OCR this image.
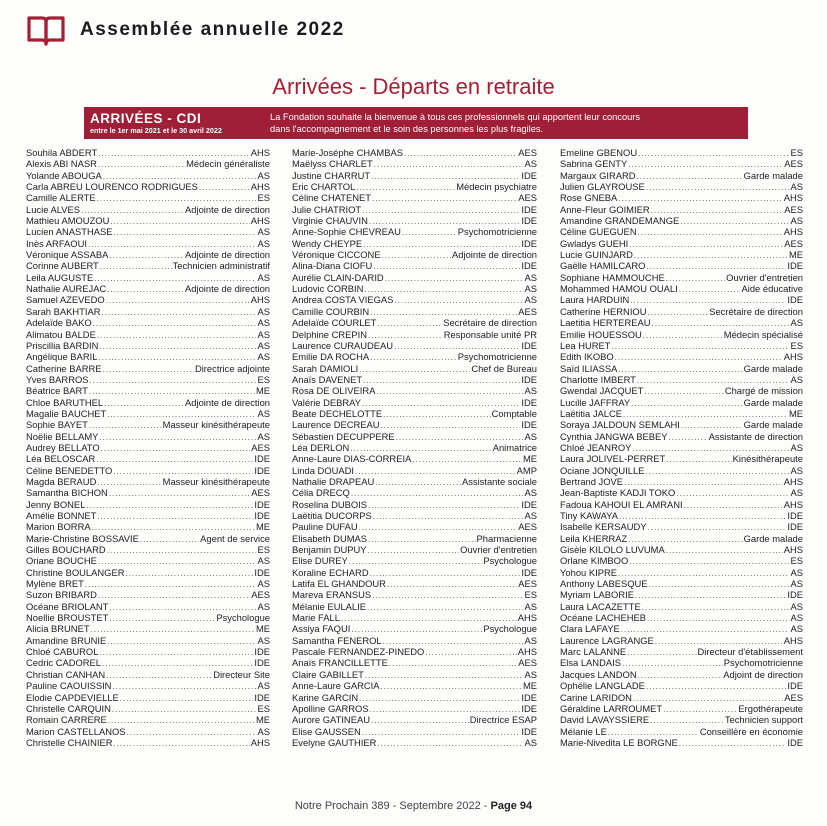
Assemblée annuelle 2022
Arrivées - Départs en retraite
ARRIVÉES - CDI
entre le 1er mai 2021 et le 30 avril 2022
La Fondation souhaite la bienvenue à tous ces professionnels qui apportent leur concours
dans l'accompagnement et le soin des personnes les plus fragiles.
Souhila ABDERT .....	AHS
Alexis ABI NASR .....	Médecin généraliste
Yolande ABOUGA .....	AS
Carla ABREU LOURENCO RODRIGUES .....	AHS
Camille ALERTE .....	ES
Lucie ALVES .....	Adjointe de direction
Mathieu AMOUZOU .....	AHS
Lucien ANASTHASE .....	AS
Inès ARFAOUI .....	AS
Véronique ASSABA .....	Adjointe de direction
Corinne AUBERT .....	Technicien administratif
Leila AUGUSTE .....	AS
Nathalie AUREJAC .....	Adjointe de direction
Samuel AZEVEDO .....	AHS
Sarah BAKHTIAR .....	AS
Adelaïde BAKO .....	AS
Alimatou BALDE .....	AS
Priscillia BARDIN .....	AS
Angélique BARIL .....	AS
Catherine BARRE .....	Directrice adjointe
Yves BARROS .....	ES
Béatrice BART .....	ME
Chloe BARUTHEL .....	Adjointe de direction
Magalie BAUCHET .....	AS
Sophie BAYET .....	Masseur kinésithérapeute
Noëlie BELLAMY .....	AS
Audrey BELLATO .....	AES
Léa BELOSCAR .....	IDE
Céline BENEDETTO .....	IDE
Magda BERAUD .....	Masseur kinésithérapeute
Samantha BICHON .....	AES
Jenny BONEL .....	IDE
Amélie BONNET .....	IDE
Marion BORRA .....	ME
Marie-Christine BOSSAVIE .....	Agent de service
Gilles BOUCHARD .....	ES
Oriane BOUCHE .....	AS
Christine BOULANGER .....	IDE
Mylène BRET .....	AS
Suzon BRIBARD .....	AES
Océane BRIOLANT .....	AS
Noellie BROUSTET .....	Psychologue
Alicia BRUNET .....	ME
Amandine BRUNIE .....	AS
Chloé CABUROL .....	IDE
Cedric CADOREL .....	IDE
Christian CANHAN .....	Directeur Site
Pauline CAOUISSIN .....	AS
Elodie CAPDEVIELLE .....	IDE
Christelle CARQUIN .....	ES
Romain CARRERE .....	ME
Marion CASTELLANOS .....	AS
Christelle CHAINIER .....	AHS
Marie-Joséphe CHAMBAS .....	AES
Maëlyss CHARLET .....	AS
Justine CHARRUT .....	IDE
Eric CHARTOL .....	Médecin psychiatre
Céline CHATENET .....	AES
Julie CHATRIOT .....	IDE
Virginie CHAUVIN .....	IDE
Anne-Sophie CHEVREAU .....	Psychomotricienne
Wendy CHEYPE .....	IDE
Véronique CICCONE .....	Adjointe de direction
Alina-Diana CIOFU .....	IDE
Aurélie CLAIN-DARID .....	AS
Ludovic CORBIN .....	AS
Andrea COSTA VIEGAS .....	AS
Camille COURBIN .....	AES
Adelaïde COURLET .....	Secrétaire de direction
Delphine CREPIN .....	Responsable unité PR
Laurence CURAUDEAU .....	IDE
Emilie DA ROCHA .....	Psychomotricienne
Sarah DAMIOLI .....	Chef de Bureau
Anaïs DAVENET .....	IDE
Rosa DE OLIVEIRA .....	AS
Valérie DEBRAY .....	IDE
Beate DECHELOTTE .....	Comptable
Laurence DECREAU .....	IDE
Sébastien DECUPPERE .....	AS
Léa DERLON .....	Animatrice
Anne-Laure DIAS-CORREIA .....	ME
Linda DOUADI .....	AMP
Nathalie DRAPEAU .....	Assistante sociale
Célia DRECQ .....	AS
Roselina DUBOIS .....	IDE
Laëtitia DUCORPS .....	AS
Pauline DUFAU .....	AES
Elisabeth DUMAS .....	Pharmacienne
Benjamin DUPUY .....	Ouvrier d'entretien
Elise DUREY .....	Psychologue
Koraline ECHARD .....	IDE
Latifa EL GHANDOUR .....	AES
Mareva ERANSUS .....	ES
Mélanie EULALIE .....	AS
Marie FALL .....	AHS
Assiya FAQUI .....	Psychologue
Samantha FENEROL .....	AS
Pascale FERNANDEZ-PINEDO .....	AHS
Anaïs FRANCILLETTE .....	AES
Claire GABILLET .....	AS
Anne-Laure GARCIA .....	ME
Karine GARCIN .....	IDE
Apolline GARROS .....	IDE
Aurore GATINEAU .....	Directrice ESAP
Elise GAUSSEN .....	IDE
Evelyne GAUTHIER .....	AS
Emeline GBENOU .....	ES
Sabrina GENTY .....	AES
Margaux GIRARD .....	Garde malade
Julien GLAYROUSE .....	AS
Rose GNEBA .....	AHS
Anne-Fleur GOIMIER .....	AES
Amandine GRANDEMANGE .....	AS
Céline GUEGUEN .....	AHS
Gwladys GUEHI .....	AES
Lucie GUINJARD .....	ME
Gaëlle HAMILCARO .....	IDE
Sophiane HAMMOUCHE .....	Ouvrier d'entretien
Mohammed HAMOU OUALI .....	Aide éducative
Laura HARDUIN .....	IDE
Catherine HERNIOU .....	Secrétaire de direction
Laetitia HERTEREAU .....	AS
Emilie HOUESSOU .....	Médecin spécialisé
Lea HURET .....	ES
Edith IKOBO .....	AHS
Saïd ILIASSA .....	Garde malade
Charlotte IMBERT .....	AS
Gwendal JACQUET .....	Chargé de mission
Lucille JAFFRAY .....	Garde malade
Laëtitia JALCE .....	ME
Soraya JALDOUN SEMLAHI .....	Garde malade
Cynthia JANGWA BEBEY .....	Assistante de direction
Chloé JEANROY .....	AS
Laura JOLIVEL-PERRET .....	Kinésithérapeute
Ociane JONQUILLE .....	AS
Bertrand JOVE .....	AHS
Jean-Baptiste KADJI TOKO .....	AS
Fadoua KAHOUI EL AMRANI .....	AHS
Tiny KAWAYA .....	IDE
Isabelle KERSAUDY .....	IDE
Leila KHERRAZ .....	Garde malade
Gisèle KILOLO LUVUMA .....	AHS
Orlane KIMBOO .....	ES
Yohou KIPRE .....	AS
Anthony LABESQUE .....	AS
Myriam LABORIE .....	IDE
Laura LACAZETTE .....	AS
Océane LACHEHEB .....	AS
Clara LAFAYE .....	AS
Laurence LAGRANGE .....	AHS
Marc LALANNE .....	Directeur d'établissement
Elsa LANDAIS .....	Psychomotricienne
Jacques LANDON .....	Adjoint de direction
Ophélie LANGLADE .....	IDE
Carine LARIDON .....	AES
Géraldine LARROUMET .....	Ergothérapeute
David LAVAYSSIERE .....	Technicien support
Mélanie LE .....	Conseillère en économie
Marie-Nivedita LE BORGNE .....	IDE
Notre Prochain 389 - Septembre 2022 - Page 94
